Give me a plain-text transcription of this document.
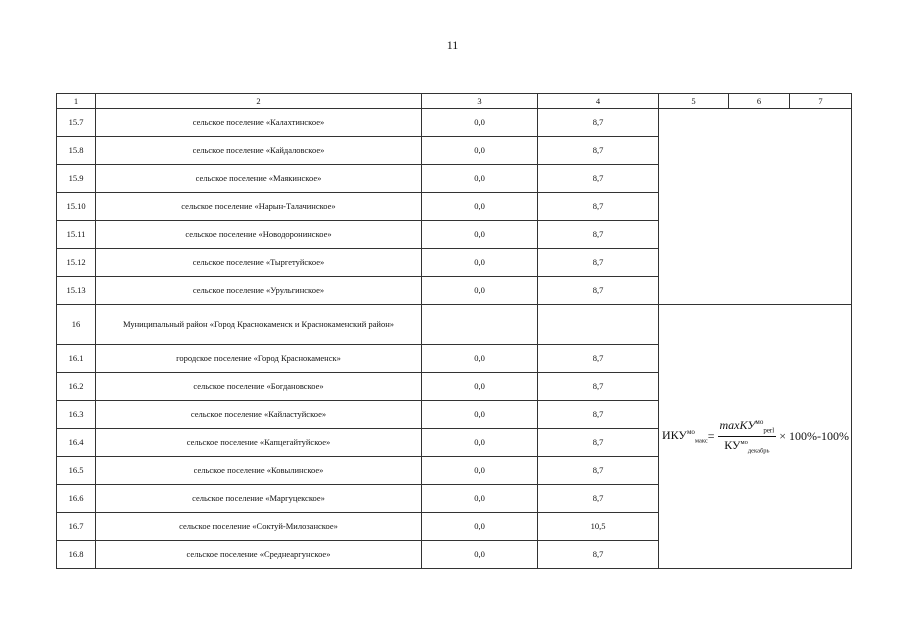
11
1	2	3	4	5	6	7
15.7	сельское поселение «Калахтинское»	0,0	8,7			
15.8	сельское поселение «Кайдаловское»	0,0	8,7			
15.9	сельское поселение «Маякинское»	0,0	8,7			
15.10	сельское поселение «Нарын-Талачинское»	0,0	8,7			
15.11	сельское поселение «Новодоронинское»	0,0	8,7			
15.12	сельское поселение «Тыргетуйское»	0,0	8,7			
15.13	сельское поселение «Урульгинское»	0,0	8,7			
16	Муниципальный район «Город Краснокаменск и Краснокаменский район»			$ИКУ^{мо}_{макс} = \frac{\max КУ^{мо}_{perl}}{КУ^{мо}_{декабрь}} \times 100\%-100\%$		

16.1	городское поселение «Город Краснокаменск»	0,0	8,7			
16.2	сельское поселение «Богдановское»	0,0	8,7			
16.3	сельское поселение «Кайластуйское»	0,0	8,7			
16.4	сельское поселение «Капцегайтуйское»	0,0	8,7			
16.5	сельское поселение «Ковылинское»	0,0	8,7			
16.6	сельское поселение «Маргуцекское»	0,0	8,7			
16.7	сельское поселение «Соктуй-Милозанское»	0,0	10,5			
16.8	сельское поселение «Среднеаргунское»	0,0	8,7			
